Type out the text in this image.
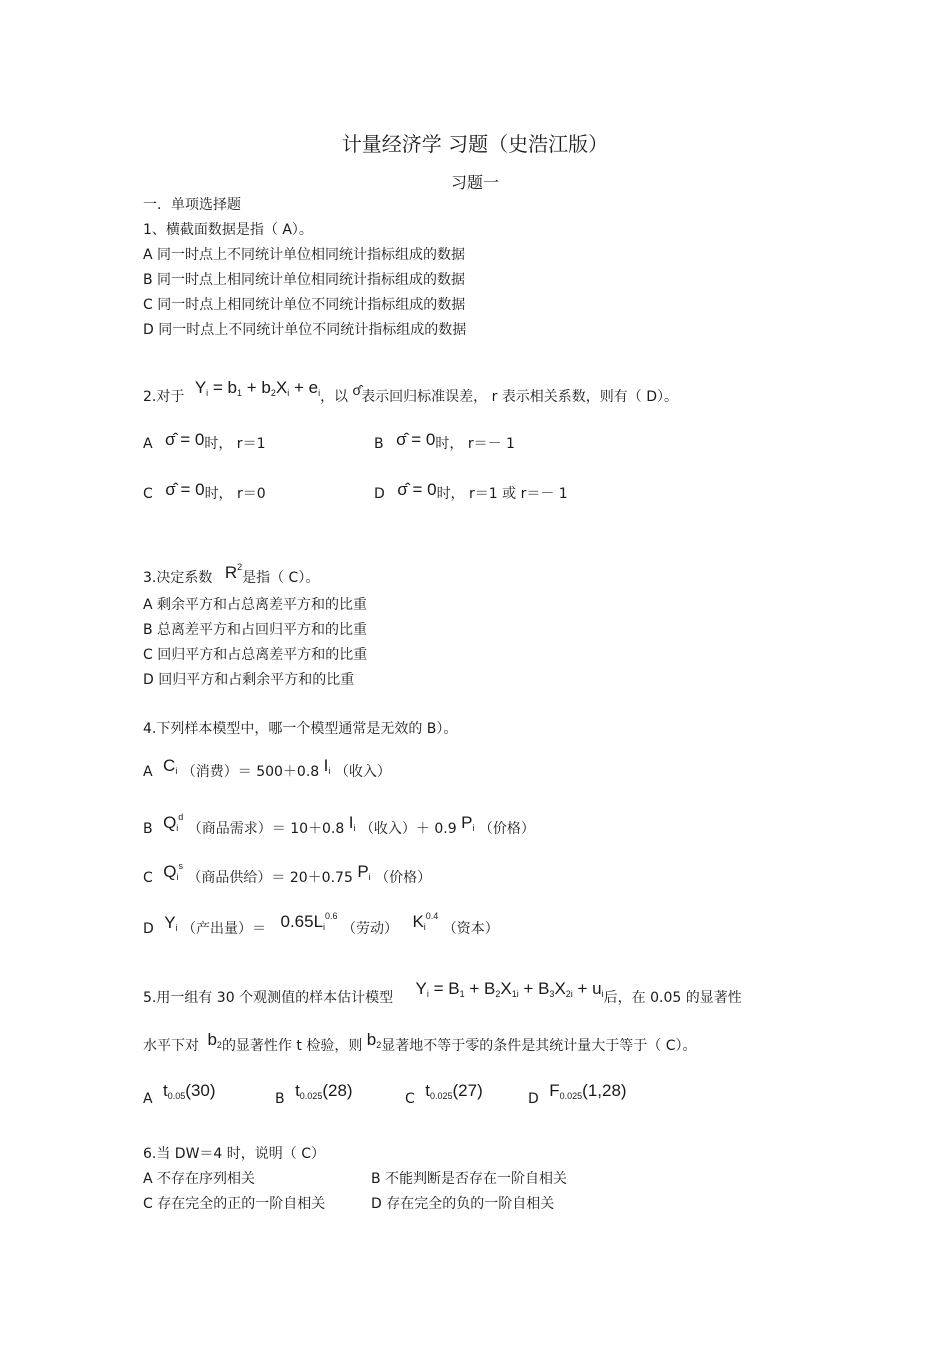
计量经济学 习题（史浩江版）
习题一
一．单项选择题
1、横截面数据是指（ A）。
A 同一时点上不同统计单位相同统计指标组成的数据
B 同一时点上相同统计单位相同统计指标组成的数据
C 同一时点上相同统计单位不同统计指标组成的数据
D 同一时点上不同统计单位不同统计指标组成的数据
2.对于 $Y_i = b_1 + b_2X_i + e_i$，以 σ̂表示回归标准误差， r 表示相关系数，则有（ D）。
A σ̂ = 0时， r＝1	B σ̂ = 0时， r＝－ 1
C σ̂ = 0时， r＝0	D σ̂ = 0时， r＝1 或 r＝－ 1
3.决定系数 $R^2$是指（ C）。
A 剩余平方和占总离差平方和的比重
B 总离差平方和占回归平方和的比重
C 回归平方和占总离差平方和的比重
D 回归平方和占剩余平方和的比重
4.下列样本模型中，哪一个模型通常是无效的 B）。
A $C_i$ （消费）＝ 500＋0.8 $I_i$ （收入）
B $Q_i^d$ （商品需求）＝ 10＋0.8 $I_i$ （收入）＋ 0.9 $P_i$ （价格）
C $Q_i^s$ （商品供给）＝ 20＋0.75 $P_i$ （价格）
D $Y_i$ （产出量）＝ $0.65L_i^{0.6}$ （劳动） $K_i^{0.4}$ （资本）
5.用一组有 30 个观测值的样本估计模型 $Y_i = B_1 + B_2X_{1i} + B_3X_{2i} + u_i$后，在 0.05 的显著性
水平下对 $b_2$的显著性作 t 检验，则 $b_2$显著地不等于零的条件是其统计量大于等于（ C）。
A $t_{0.05}(30)$	B $t_{0.025}(28)$	C $t_{0.025}(27)$	D $F_{0.025}(1,28)$
6.当 DW＝4 时，说明（ C）
A 不存在序列相关	B 不能判断是否存在一阶自相关
C 存在完全的正的一阶自相关	D 存在完全的负的一阶自相关
